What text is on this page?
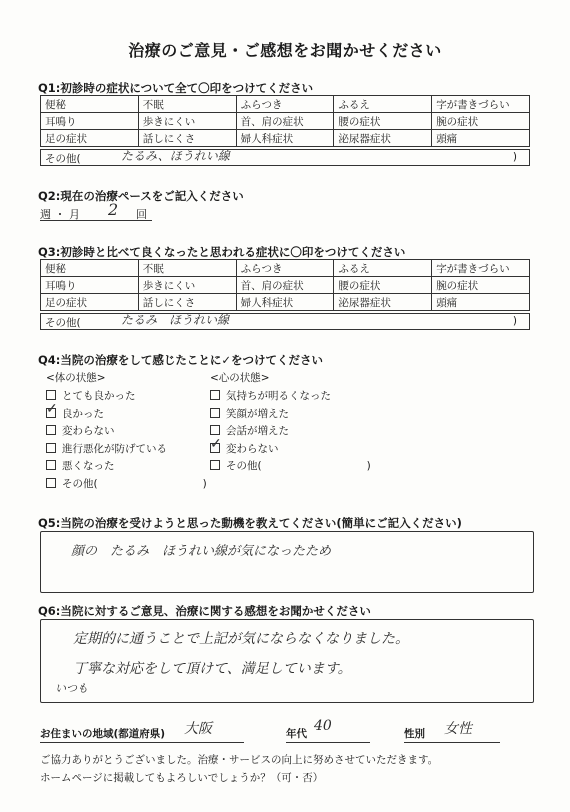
治療のご意見・ご感想をお聞かせください
Q1:初診時の症状について全て〇印をつけてください
便秘	不眠	ふらつき	ふるえ	字が書きづらい
耳鳴り	歩きにくい	首、肩の症状	腰の症状	腕の症状
足の症状	話しにくさ	婦人科症状	泌尿器症状	頭痛
その他(	たるみ、ほうれい線	)
Q2:現在の治療ペースをご記入ください
週 ・ 月 2 回
Q3:初診時と比べて良くなったと思われる症状に〇印をつけてください
便秘	不眠	ふらつき	ふるえ	字が書きづらい
耳鳴り	歩きにくい	首、肩の症状	腰の症状	腕の症状
足の症状	話しにくさ	婦人科症状	泌尿器症状	頭痛
その他(	たるみ　ほうれい線	)
Q4:当院の治療をして感じたことに✓をつけてください
<体の状態>	<心の状態>
とても良かった
良かった
✓
変わらない
進行悪化が防げている
悪くなった
その他(　　　　　　　　　　)
気持ちが明るくなった
笑顔が増えた
会話が増えた
変わらない
✓
その他(　　　　　　　　　　)
Q5:当院の治療を受けようと思った動機を教えてください(簡単にご記入ください)
顔の　たるみ　ほうれい線が気になったため
Q6:当院に対するご意見、治療に関する感想をお聞かせください
定期的に通うことで上記が気にならなくなりました。
丁寧な対応をして頂けて、満足しています。
いつも
お住まいの地域(都道府県) 大阪	年代 40	性別 女性
ご協力ありがとうございました。治療・サービスの向上に努めさせていただきます。
ホームページに掲載してもよろしいでしょうか？（可・否）
